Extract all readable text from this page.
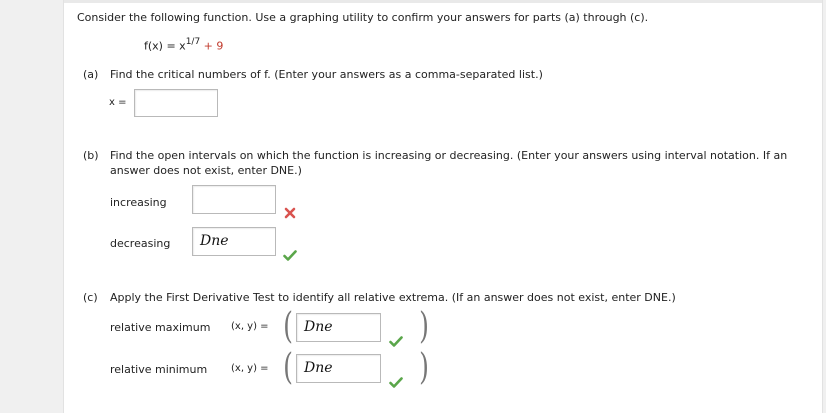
Consider the following function. Use a graphing utility to confirm your answers for parts (a) through (c).
$f(x) = x^{1/7} + 9$
(a) Find the critical numbers of f. (Enter your answers as a comma-separated list.)
x =
(b) Find the open intervals on which the function is increasing or decreasing. (Enter your answers using interval notation. If an
answer does not exist, enter DNE.)
increasing
decreasing	Dne
(c) Apply the First Derivative Test to identify all relative extrema. (If an answer does not exist, enter DNE.)
relative maximum (x, y) = ( Dne	)
relative minimum (x, y) = ( Dne	)
